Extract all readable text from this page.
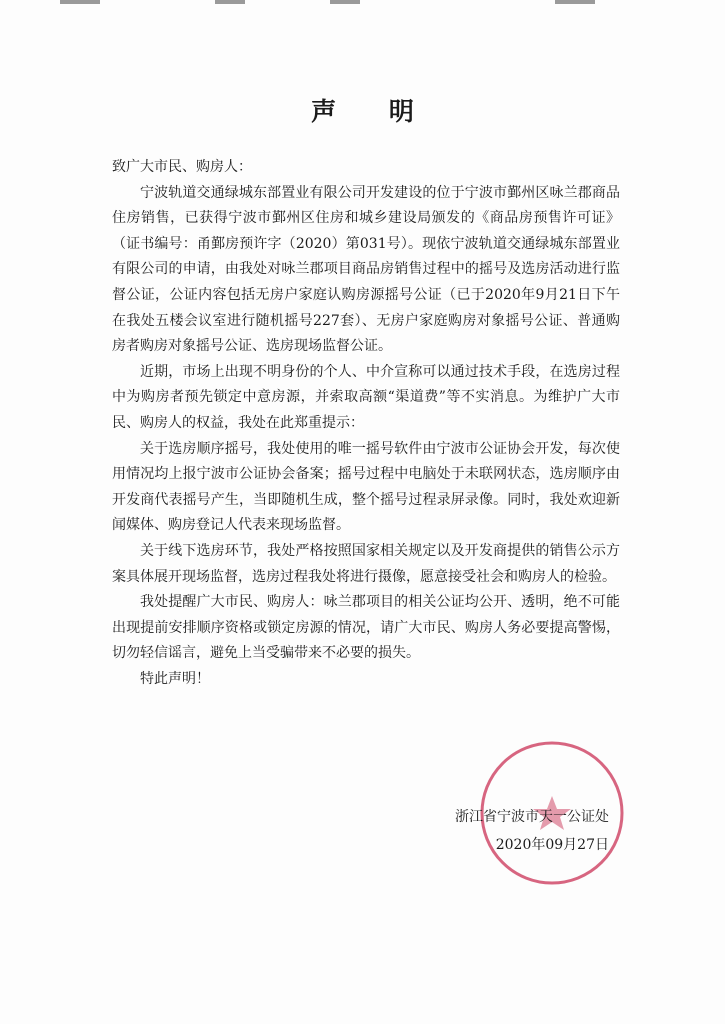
声 明

致广大市民、购房人：

宁波轨道交通绿城东部置业有限公司开发建设的位于宁波市鄞州区咏兰郡商品住房销售，已获得宁波市鄞州区住房和城乡建设局颁发的《商品房预售许可证》（证书编号：甬鄞房预许字（2020）第031号）。现依宁波轨道交通绿城东部置业有限公司的申请，由我处对咏兰郡项目商品房销售过程中的摇号及选房活动进行监督公证，公证内容包括无房户家庭认购房源摇号公证（已于2020年9月21日下午在我处五楼会议室进行随机摇号227套）、无房户家庭购房对象摇号公证、普通购房者购房对象摇号公证、选房现场监督公证。

近期，市场上出现不明身份的个人、中介宣称可以通过技术手段，在选房过程中为购房者预先锁定中意房源，并索取高额“渠道费”等不实消息。为维护广大市民、购房人的权益，我处在此郑重提示：

关于选房顺序摇号，我处使用的唯一摇号软件由宁波市公证协会开发，每次使用情况均上报宁波市公证协会备案；摇号过程中电脑处于未联网状态，选房顺序由开发商代表摇号产生，当即随机生成，整个摇号过程录屏录像。同时，我处欢迎新闻媒体、购房登记人代表来现场监督。

关于线下选房环节，我处严格按照国家相关规定以及开发商提供的销售公示方案具体展开现场监督，选房过程我处将进行摄像，愿意接受社会和购房人的检验。

我处提醒广大市民、购房人：咏兰郡项目的相关公证均公开、透明，绝不可能出现提前安排顺序资格或锁定房源的情况，请广大市民、购房人务必要提高警惕，切勿轻信谣言，避免上当受骗带来不必要的损失。

特此声明！

浙江省宁波市天一公证处
2020年09月27日
